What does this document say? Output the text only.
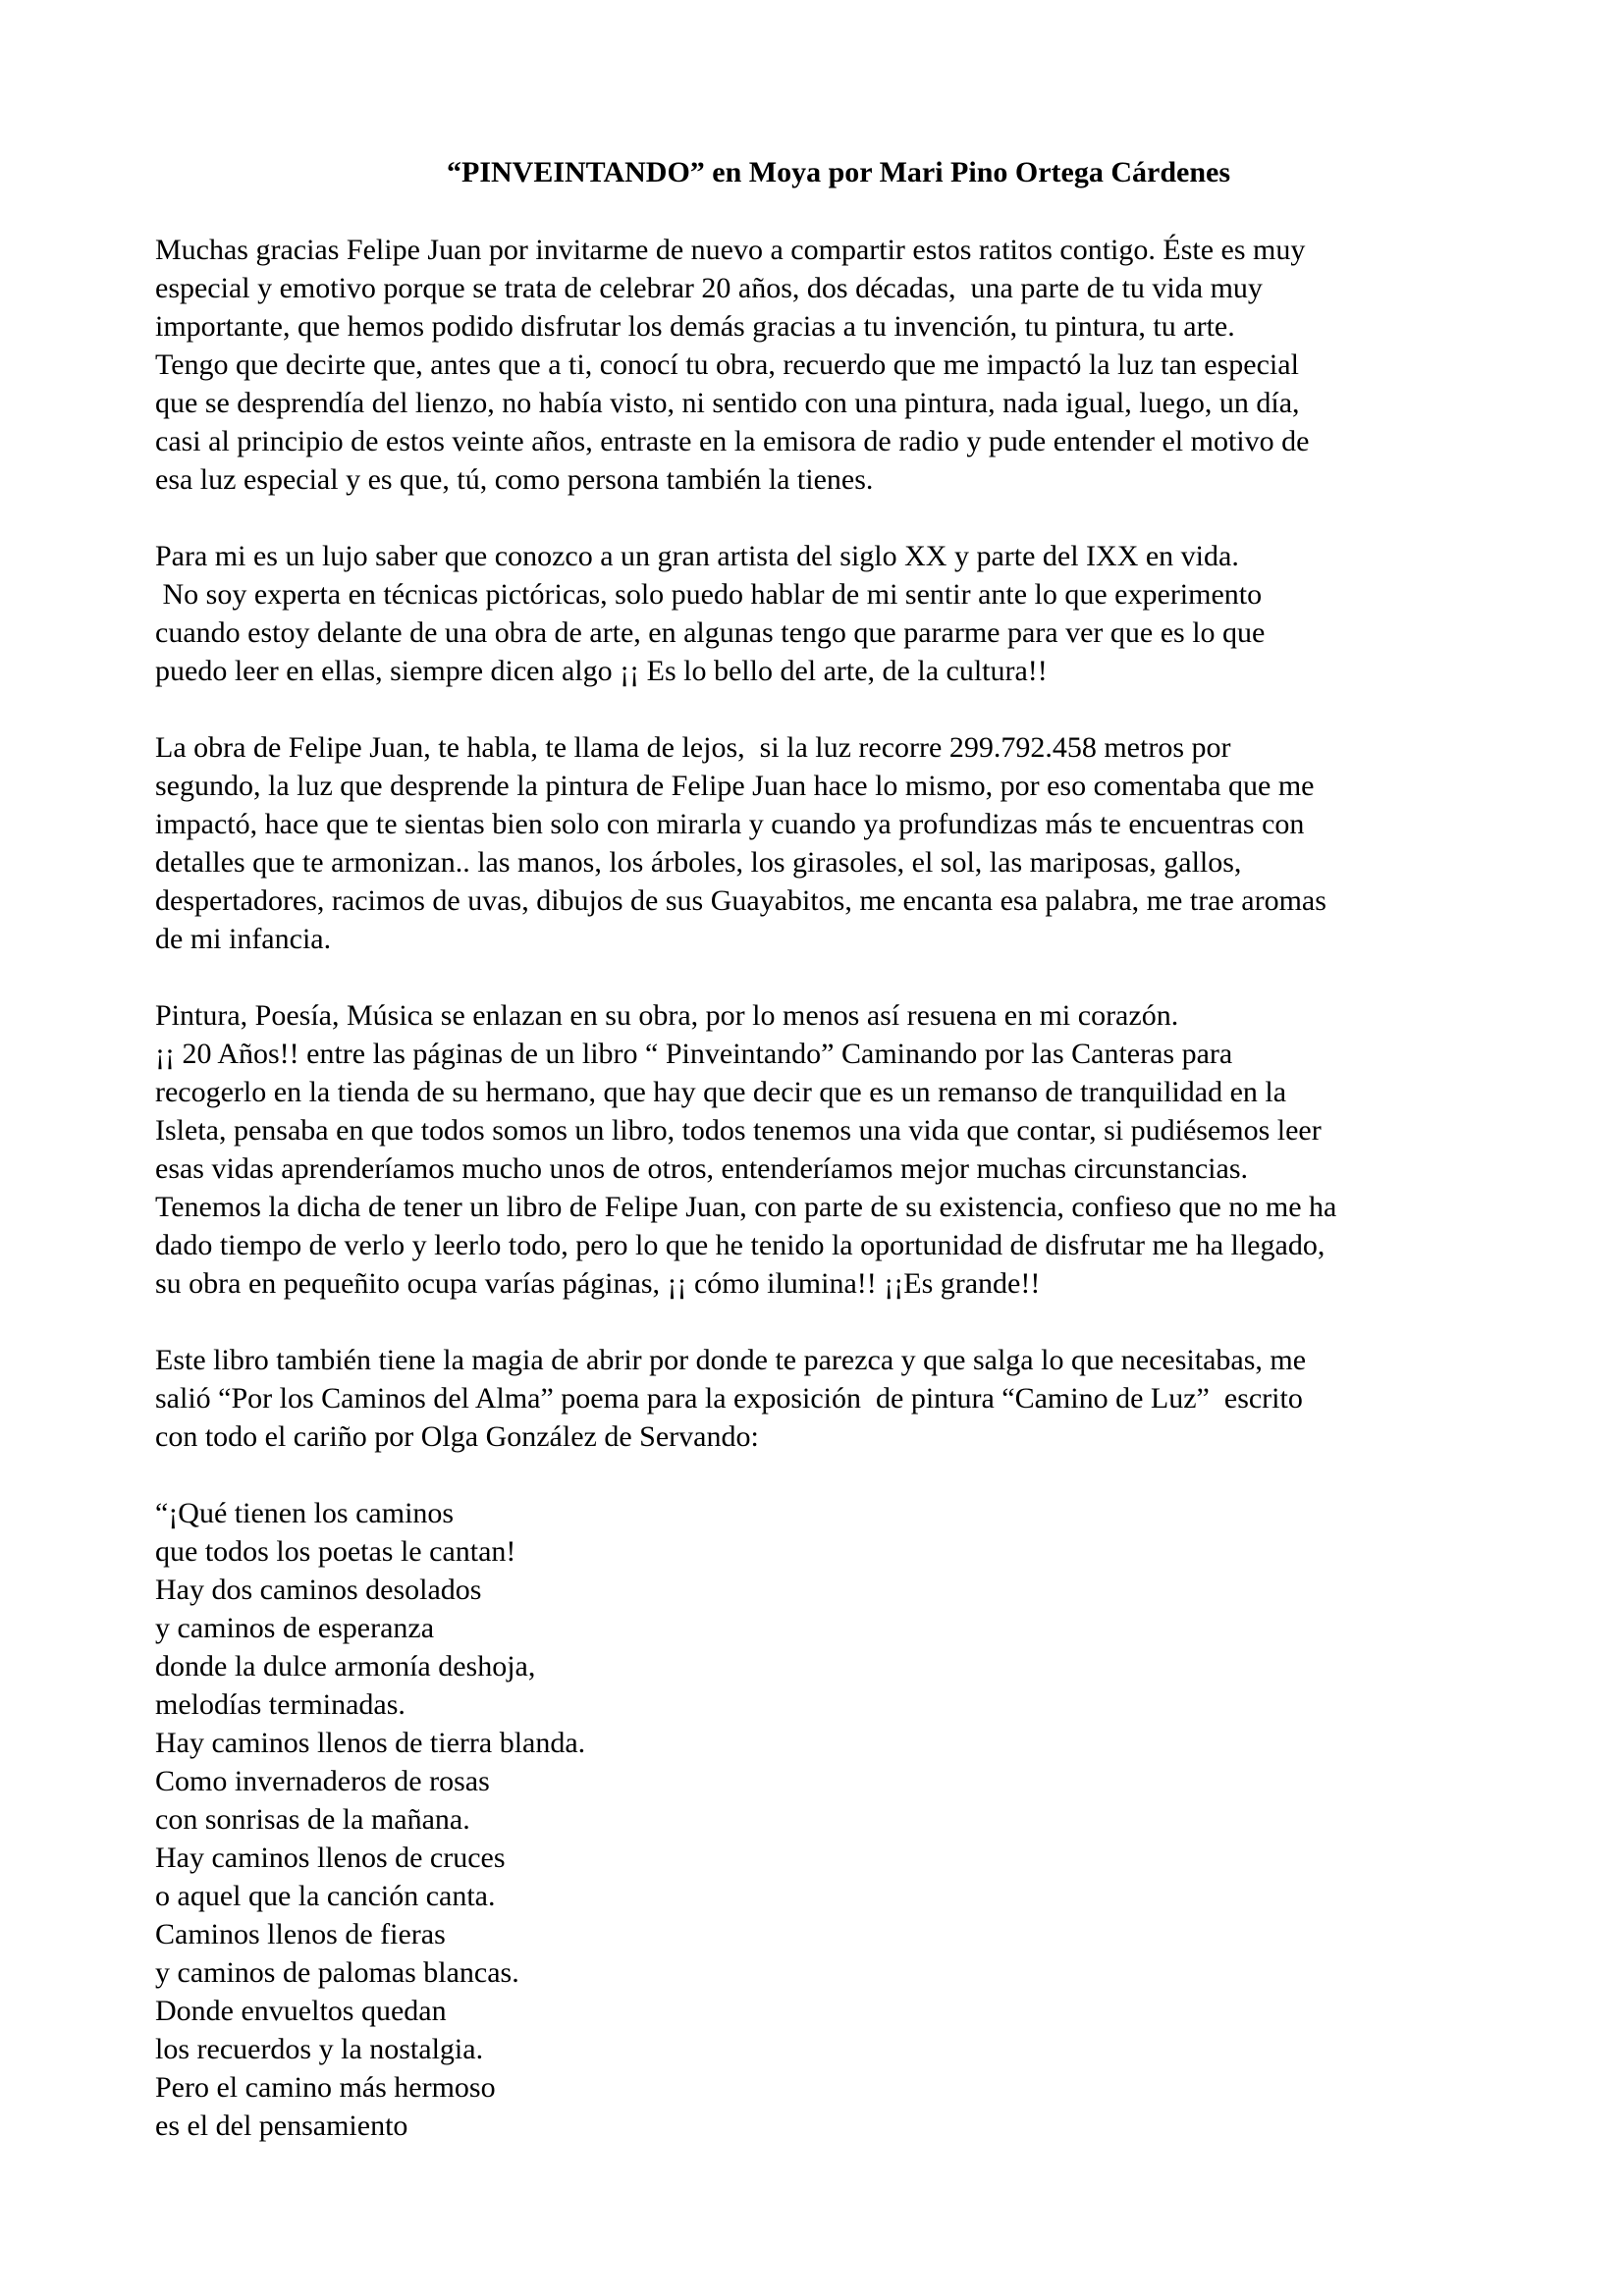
“PINVEINTANDO” en Moya por Mari Pino Ortega Cárdenes
Muchas gracias Felipe Juan por invitarme de nuevo a compartir estos ratitos contigo. Éste es muy
especial y emotivo porque se trata de celebrar 20 años, dos décadas,  una parte de tu vida muy
importante, que hemos podido disfrutar los demás gracias a tu invención, tu pintura, tu arte.
Tengo que decirte que, antes que a ti, conocí tu obra, recuerdo que me impactó la luz tan especial
que se desprendía del lienzo, no había visto, ni sentido con una pintura, nada igual, luego, un día,
casi al principio de estos veinte años, entraste en la emisora de radio y pude entender el motivo de
esa luz especial y es que, tú, como persona también la tienes.
Para mi es un lujo saber que conozco a un gran artista del siglo XX y parte del IXX en vida.
No soy experta en técnicas pictóricas, solo puedo hablar de mi sentir ante lo que experimento
cuando estoy delante de una obra de arte, en algunas tengo que pararme para ver que es lo que
puedo leer en ellas, siempre dicen algo ¡¡ Es lo bello del arte, de la cultura!!
La obra de Felipe Juan, te habla, te llama de lejos,  si la luz recorre 299.792.458 metros por
segundo, la luz que desprende la pintura de Felipe Juan hace lo mismo, por eso comentaba que me
impactó, hace que te sientas bien solo con mirarla y cuando ya profundizas más te encuentras con
detalles que te armonizan.. las manos, los árboles, los girasoles, el sol, las mariposas, gallos,
despertadores, racimos de uvas, dibujos de sus Guayabitos, me encanta esa palabra, me trae aromas
de mi infancia.
Pintura, Poesía, Música se enlazan en su obra, por lo menos así resuena en mi corazón.
¡¡ 20 Años!! entre las páginas de un libro “ Pinveintando” Caminando por las Canteras para
recogerlo en la tienda de su hermano, que hay que decir que es un remanso de tranquilidad en la
Isleta, pensaba en que todos somos un libro, todos tenemos una vida que contar, si pudiésemos leer
esas vidas aprenderíamos mucho unos de otros, entenderíamos mejor muchas circunstancias.
Tenemos la dicha de tener un libro de Felipe Juan, con parte de su existencia, confieso que no me ha
dado tiempo de verlo y leerlo todo, pero lo que he tenido la oportunidad de disfrutar me ha llegado,
su obra en pequeñito ocupa varías páginas, ¡¡ cómo ilumina!! ¡¡Es grande!!
Este libro también tiene la magia de abrir por donde te parezca y que salga lo que necesitabas, me
salió “Por los Caminos del Alma” poema para la exposición  de pintura “Camino de Luz”  escrito
con todo el cariño por Olga González de Servando:
“¡Qué tienen los caminos
que todos los poetas le cantan!
Hay dos caminos desolados
y caminos de esperanza
donde la dulce armonía deshoja,
melodías terminadas.
Hay caminos llenos de tierra blanda.
Como invernaderos de rosas
con sonrisas de la mañana.
Hay caminos llenos de cruces
o aquel que la canción canta.
Caminos llenos de fieras
y caminos de palomas blancas.
Donde envueltos quedan
los recuerdos y la nostalgia.
Pero el camino más hermoso
es el del pensamiento
